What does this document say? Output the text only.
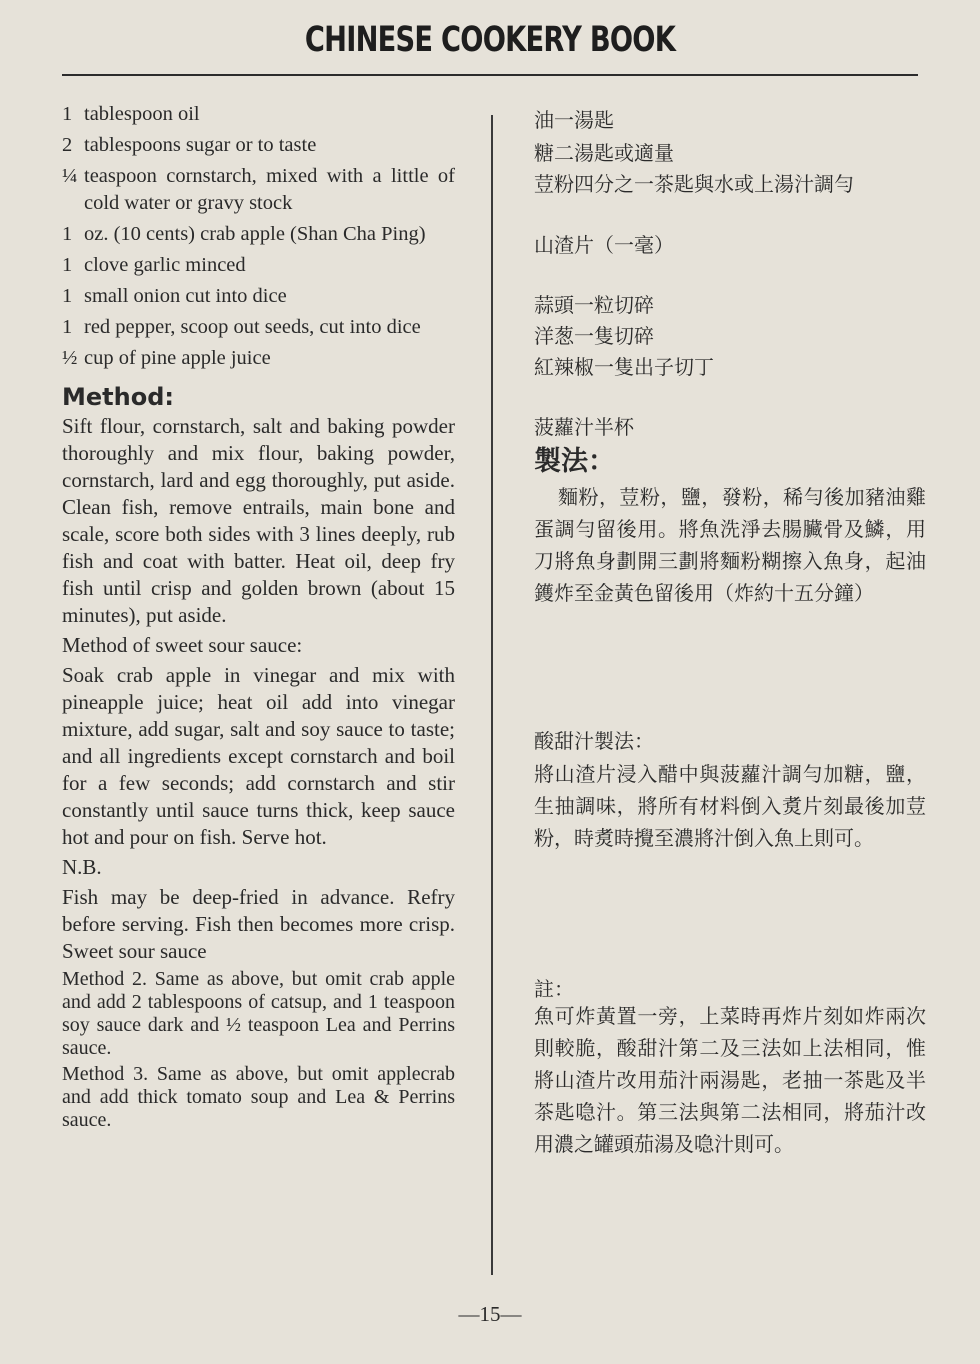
CHINESE COOKERY BOOK
1 tablespoon oil
2 tablespoons sugar or to taste
¼ teaspoon cornstarch, mixed with a little of cold water or gravy stock
1 oz. (10 cents) crab apple (Shan Cha Ping)
1 clove garlic minced
1 small onion cut into dice
1 red pepper, scoop out seeds, cut into dice
½ cup of pine apple juice
Method:
Sift flour, cornstarch, salt and baking powder thoroughly and mix flour, baking powder, cornstarch, lard and egg thoroughly, put aside. Clean fish, remove entrails, main bone and scale, score both sides with 3 lines deeply, rub fish and coat with batter. Heat oil, deep fry fish until crisp and golden brown (about 15 minutes), put aside.
Method of sweet sour sauce:
Soak crab apple in vinegar and mix with pineapple juice; heat oil add into vinegar mixture, add sugar, salt and soy sauce to taste; and all ingredients except cornstarch and boil for a few seconds; add cornstarch and stir constantly until sauce turns thick, keep sauce hot and pour on fish. Serve hot.
N.B.
Fish may be deep-fried in advance. Refry before serving. Fish then becomes more crisp. Sweet sour sauce
Method 2. Same as above, but omit crab apple and add 2 tablespoons of catsup, and 1 teaspoon soy sauce dark and ½ teaspoon Lea and Perrins sauce.
Method 3. Same as above, but omit applecrab and add thick tomato soup and Lea & Perrins sauce.
油一湯匙
糖二湯匙或適量
荳粉四分之一茶匙與水或上湯汁調勻
山渣片（一毫）
蒜頭一粒切碎
洋葱一隻切碎
紅辣椒一隻出子切丁
菠蘿汁半杯
製法：
麵粉，荳粉，鹽，發粉，稀勻後加豬油雞蛋調勻留後用。將魚洗淨去腸臟骨及鱗，用刀將魚身劃開三劃將麵粉糊擦入魚身，起油鑊炸至金黃色留後用（炸約十五分鐘）
酸甜汁製法：
將山渣片浸入醋中與菠蘿汁調勻加糖，鹽，生抽調味，將所有材料倒入煑片刻最後加荳粉，時煑時攪至濃將汁倒入魚上則可。
註：
魚可炸黃置一旁，上菜時再炸片刻如炸兩次則較脆，酸甜汁第二及三法如上法相同，惟將山渣片改用茄汁兩湯匙，老抽一茶匙及半茶匙喼汁。第三法與第二法相同，將茄汁改用濃之罐頭茄湯及喼汁則可。
—15—
